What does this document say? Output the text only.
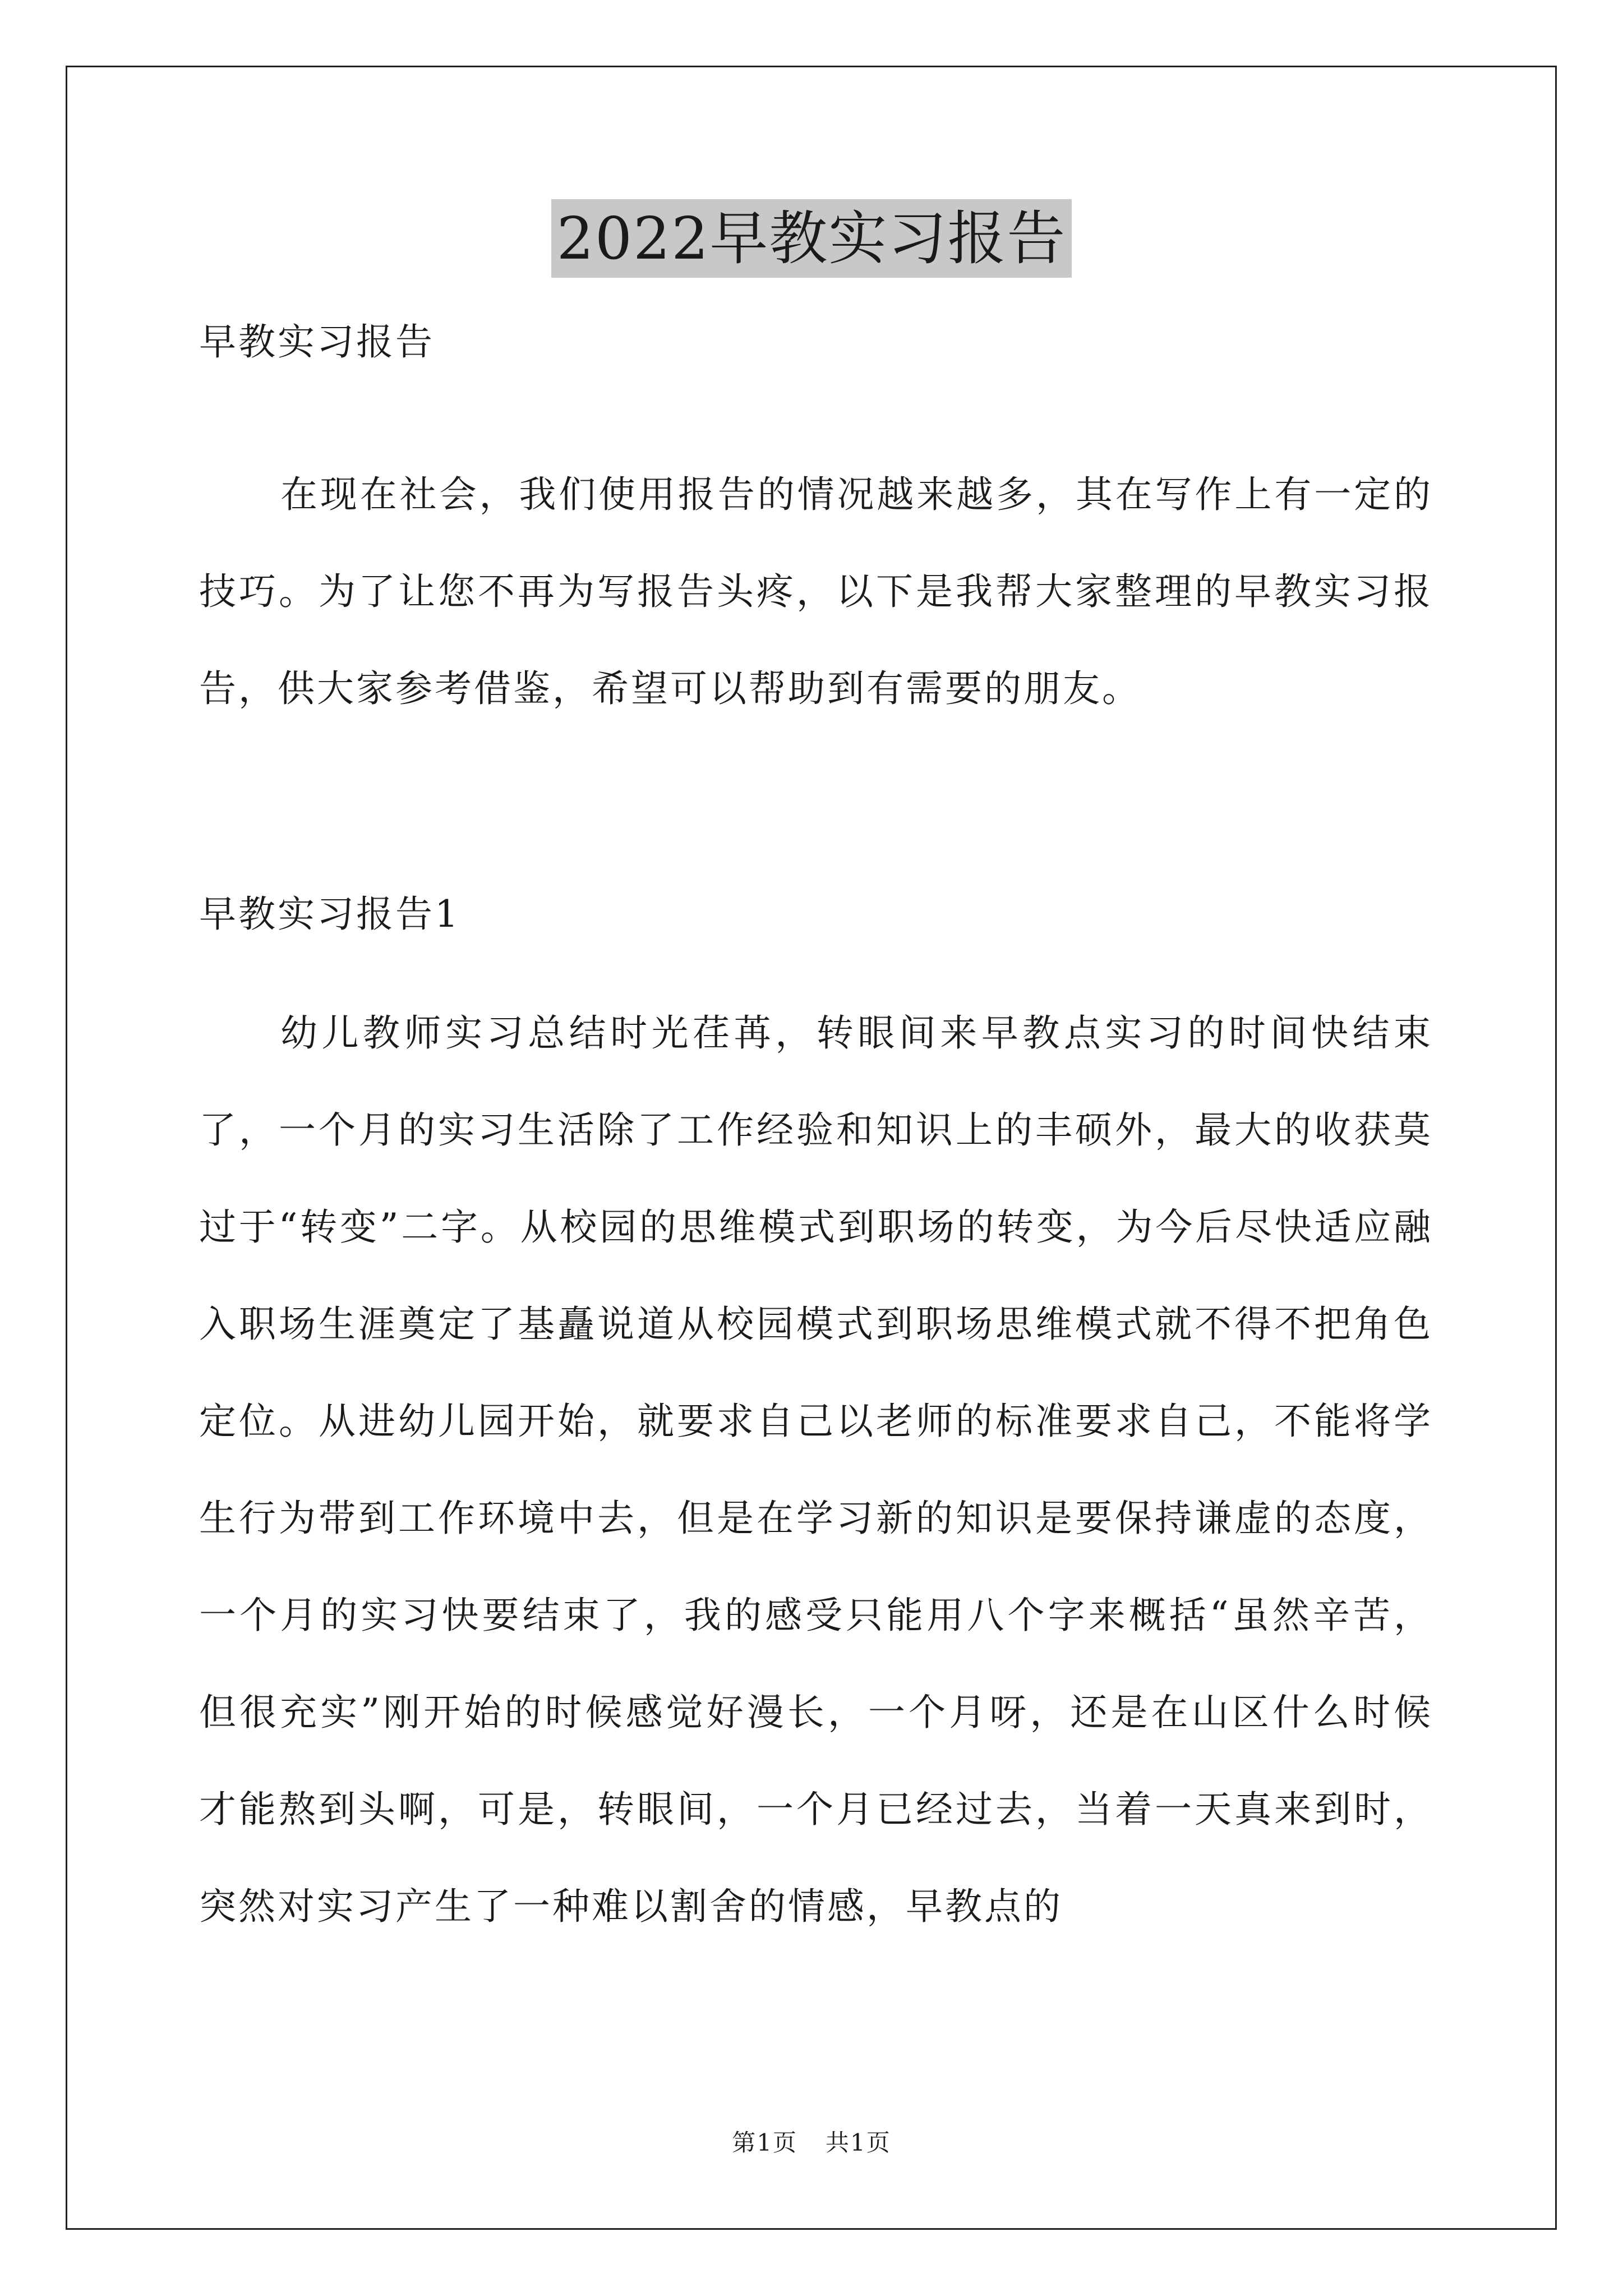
2022早教实习报告
早教实习报告

在现在社会，我们使用报告的情况越来越多，其在写作上有一定的技巧。为了让您不再为写报告头疼，以下是我帮大家整理的早教实习报告，供大家参考借鉴，希望可以帮助到有需要的朋友。

早教实习报告1

幼儿教师实习总结时光荏苒，转眼间来早教点实习的时间快结束了，一个月的实习生活除了工作经验和知识上的丰硕外，最大的收获莫过于“转变”二字。从校园的思维模式到职场的转变，为今后尽快适应融入职场生涯奠定了基矗说道从校园模式到职场思维模式就不得不把角色定位。从进幼儿园开始，就要求自己以老师的标准要求自己，不能将学生行为带到工作环境中去，但是在学习新的知识是要保持谦虚的态度，一个月的实习快要结束了，我的感受只能用八个字来概括“虽然辛苦，但很充实”刚开始的时候感觉好漫长，一个月呀，还是在山区什么时候才能熬到头啊，可是，转眼间，一个月已经过去，当着一天真来到时，突然对实习产生了一种难以割舍的情感，早教点的

第1页 共1页
